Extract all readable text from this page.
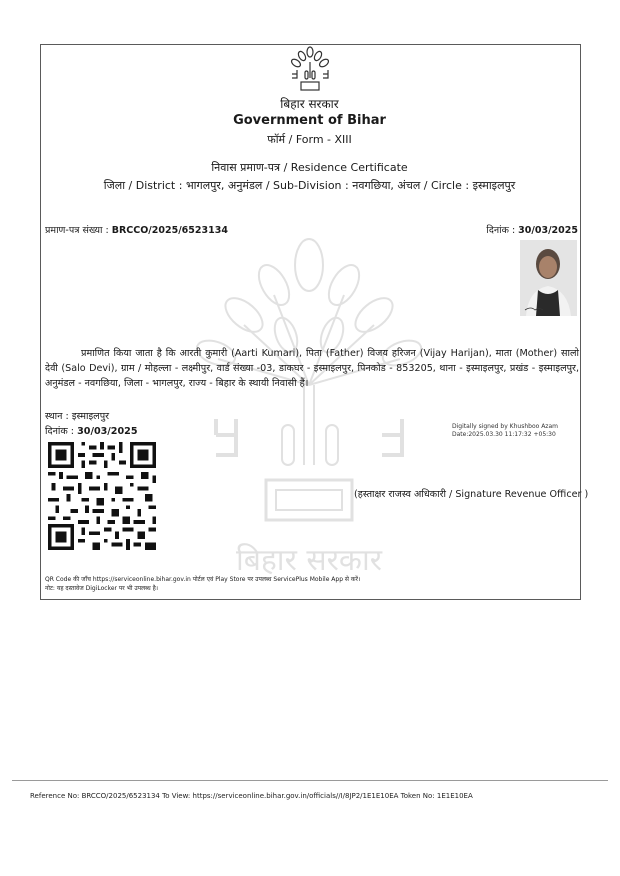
बिहार सरकार
बिहार सरकार
Government of Bihar
फॉर्म / Form - XIII
निवास प्रमाण-पत्र / Residence Certificate
जिला / District : भागलपुर, अनुमंडल / Sub-Division : नवगछिया, अंचल / Circle : इस्माइलपुर
प्रमाण-पत्र संख्या : BRCCO/2025/6523134	दिनांक : 30/03/2025
प्रमाणित किया जाता है कि आरती कुमारी (Aarti Kumari), पिता (Father) विजय हरिजन (Vijay Harijan), माता (Mother) सालो देवी (Salo Devi), ग्राम / मोहल्ला - लक्ष्मीपुर, वार्ड संख्या -03, डाकघर - इस्माइलपुर, पिनकोड - 853205, थाना - इस्माइलपुर, प्रखंड - इस्माइलपुर, अनुमंडल - नवगछिया, जिला - भागलपुर, राज्य - बिहार के स्थायी निवासी हैं।
स्थान : इस्माइलपुर
दिनांक : 30/03/2025	Digitally signed by Khushboo Azam
Date:2025.03.30 11:17:32 +05:30
(हस्ताक्षर राजस्व अधिकारी / Signature Revenue Officer )
QR Code की जाँच https://serviceonline.bihar.gov.in पोर्टल एवं Play Store पर उपलब्ध ServicePlus Mobile App से करें।
नोट: यह दस्तावेज DigiLocker पर भी उपलब्ध है।
Reference No: BRCCO/2025/6523134 To View: https://serviceonline.bihar.gov.in/officials//I/8JP2/1E1E10EA Token No: 1E1E10EA
